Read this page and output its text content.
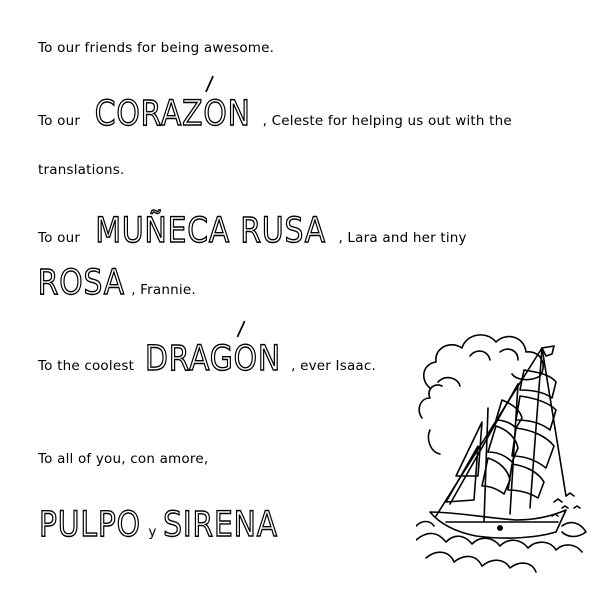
To our friends for being awesome.
To our CORAZON , Celeste for helping us out with the
translations.
To our MUÑECA RUSA , Lara and her tiny
ROSA , Frannie.
To the coolest DRAGON , ever Isaac.
To all of you, con amore,
PULPO y SIRENA
